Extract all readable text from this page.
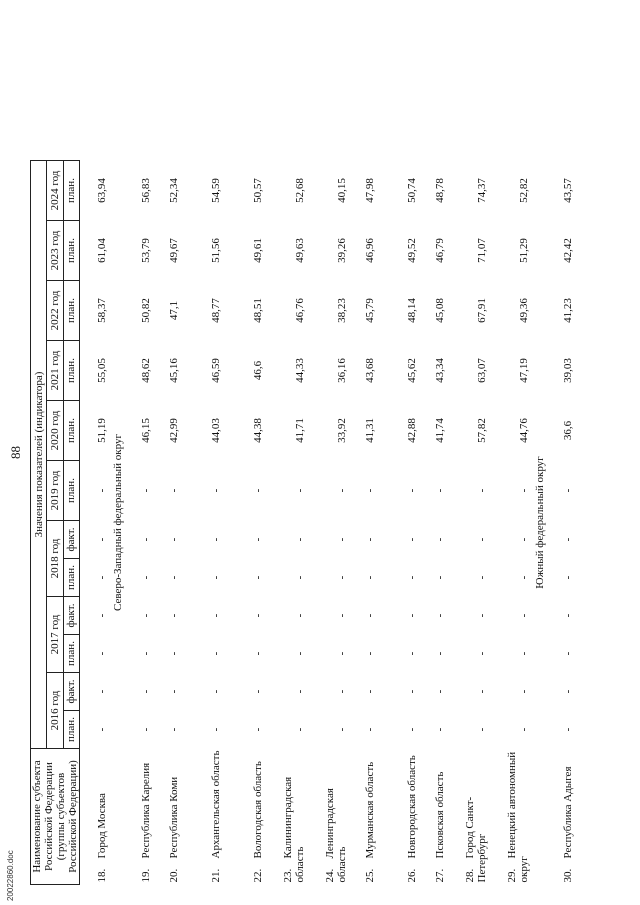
88
20022860.doc
Наименование субъекта Российской Федерации (группы субъектов Российской Федерации)	Значения показателей (индикатора)											
	2016 год		2017 год		2018 год		2019 год	2020 год	2021 год	2022 год	2023 год	2024 год
	план.	факт.	план.	факт.	план.	факт.	план.	план.	план.	план.	план.	план.
18.Город Москва	-	-	-	-	-	-	-	51,19	55,05	58,37	61,04	63,94
Северо-Западный федеральный округ												
19.Республика Карелия	-	-	-	-	-	-	-	46,15	48,62	50,82	53,79	56,83
20.Республика Коми	-	-	-	-	-	-	-	42,99	45,16	47,1	49,67	52,34
21.Архангельская область	-	-	-	-	-	-	-	44,03	46,59	48,77	51,56	54,59
22.Вологодская область	-	-	-	-	-	-	-	44,38	46,6	48,51	49,61	50,57
23.Калининградская область	-	-	-	-	-	-	-	41,71	44,33	46,76	49,63	52,68
24.Ленинградская область	-	-	-	-	-	-	-	33,92	36,16	38,23	39,26	40,15
25.Мурманская область	-	-	-	-	-	-	-	41,31	43,68	45,79	46,96	47,98
26.Новгородская область	-	-	-	-	-	-	-	42,88	45,62	48,14	49,52	50,74
27.Псковская область	-	-	-	-	-	-	-	41,74	43,34	45,08	46,79	48,78
28.Город Санкт-Петербург	-	-	-	-	-	-	-	57,82	63,07	67,91	71,07	74,37
29.Ненецкий автономный округ	-	-	-	-	-	-	-	44,76	47,19	49,36	51,29	52,82
Южный федеральный округ												
30.Республика Адыгея	-	-	-	-	-	-	-	36,6	39,03	41,23	42,42	43,57
